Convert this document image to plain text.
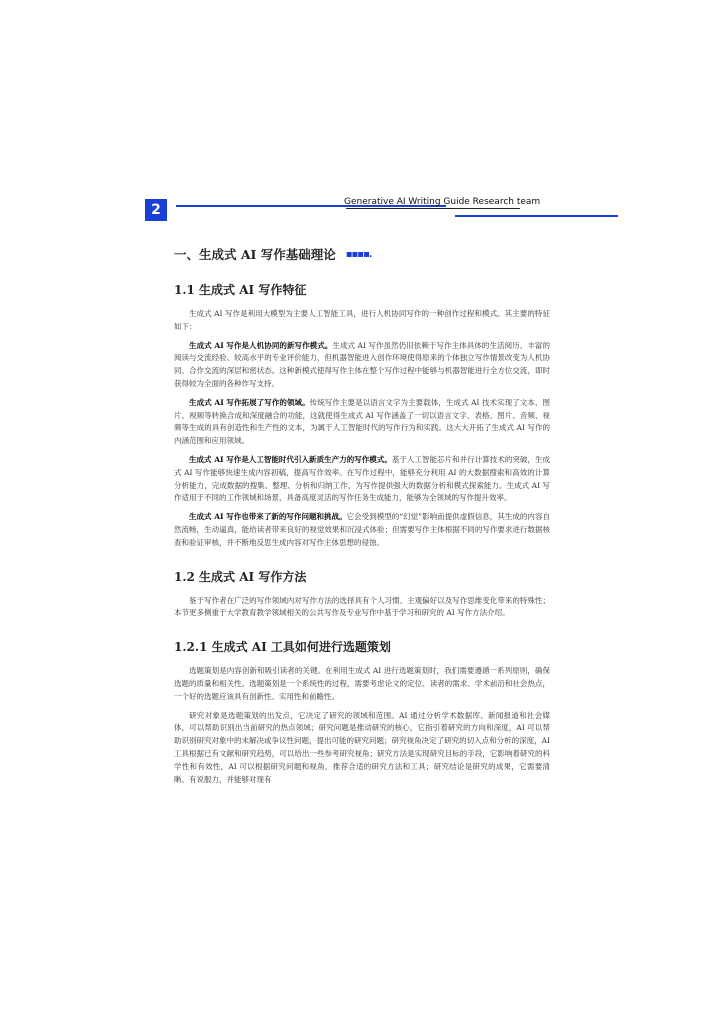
2	Generative AI Writing Guide Research team
一、生成式 AI 写作基础理论 ▪▪▪▪.
1.1 生成式 AI 写作特征

生成式 AI 写作是利用大模型为主要人工智能工具，进行人机协同写作的一种创作过程和模式。其主要的特征如下：

生成式 AI 写作是人机协同的新写作模式。生成式 AI 写作虽然仍旧依赖于写作主体具体的生活阅历、丰富的阅读与交流经验、较高水平的专业评价能力，但机器智能进入创作环境使得原来的个体独立写作情景改变为人机协同、合作交流的深层和密状态。这种新模式使得写作主体在整个写作过程中能够与机器智能进行全方位交流，即时获得较为全面的各种作写支持。

生成式 AI 写作拓展了写作的领域。传统写作主要是以语言文字为主要载体，生成式 AI 技术实现了文本、图片、视频等转换合成和深度融合的功能，这就使得生成式 AI 写作涵盖了一切以语言文字、表格、图片、音频、视频等生成的具有创造性和生产性的文本，为属于人工智能时代的写作行为和实践。这大大开拓了生成式 AI 写作的内涵范围和应用领域。

生成式 AI 写作是人工智能时代引入新质生产力的写作模式。基于人工智能芯片和并行计算技术的突破，生成式 AI 写作能够快速生成内容初稿，提高写作效率。在写作过程中，能够充分利用 AI 的大数据搜索和高效的计算分析能力，完成数据的搜集、整理、分析和归纳工作，为写作提供强大的数据分析和模式探索能力。生成式 AI 写作适用于不同的工作领域和场景，具备高度灵活的写作任务生成能力，能够为全领域的写作提升效率。

生成式 AI 写作也带来了新的写作问题和挑战。它会受到模型的“幻觉”影响而提供虚假信息，其生成的内容自然流畅，生动逼真，能给读者带来良好的视觉效果和沉浸式体验；但需要写作主体根据不同的写作要求进行数据核查和验证审核，并不断地反思生成内容对写作主体思想的侵蚀。

1.2 生成式 AI 写作方法

鉴于写作者在广泛的写作领域内对写作方法的选择具有个人习惯、主观偏好以及写作思维变化带来的特殊性；本节更多侧重于大学教育教学领域相关的公共写作及专业写作中基于学习和研究的 AI 写作方法介绍。

1.2.1 生成式 AI 工具如何进行选题策划

选题策划是内容创新和吸引读者的关键。在利用生成式 AI 进行选题策划时，我们需要遵循一系列原则，确保选题的质量和相关性。选题策划是一个系统性的过程，需要考虑论文的定位、读者的需求、学术前沿和社会热点，一个好的选题应该具有创新性、实用性和前瞻性。

研究对象是选题策划的出发点，它决定了研究的领域和范围。AI 通过分析学术数据库、新闻报道和社会媒体，可以帮助识别出当前研究的热点领域；研究问题是推动研究的核心，它指引着研究的方向和深度，AI 可以帮助识别研究对象中的未解决或争议性问题，提出可能的研究问题；研究视角决定了研究的切入点和分析的深度，AI 工具根据已有文献和研究趋势，可以给出一些参考研究视角；研究方法是实现研究目标的手段，它影响着研究的科学性和有效性，AI 可以根据研究问题和视角，推荐合适的研究方法和工具；研究结论是研究的成果，它需要清晰、有说服力，并能够对现有
